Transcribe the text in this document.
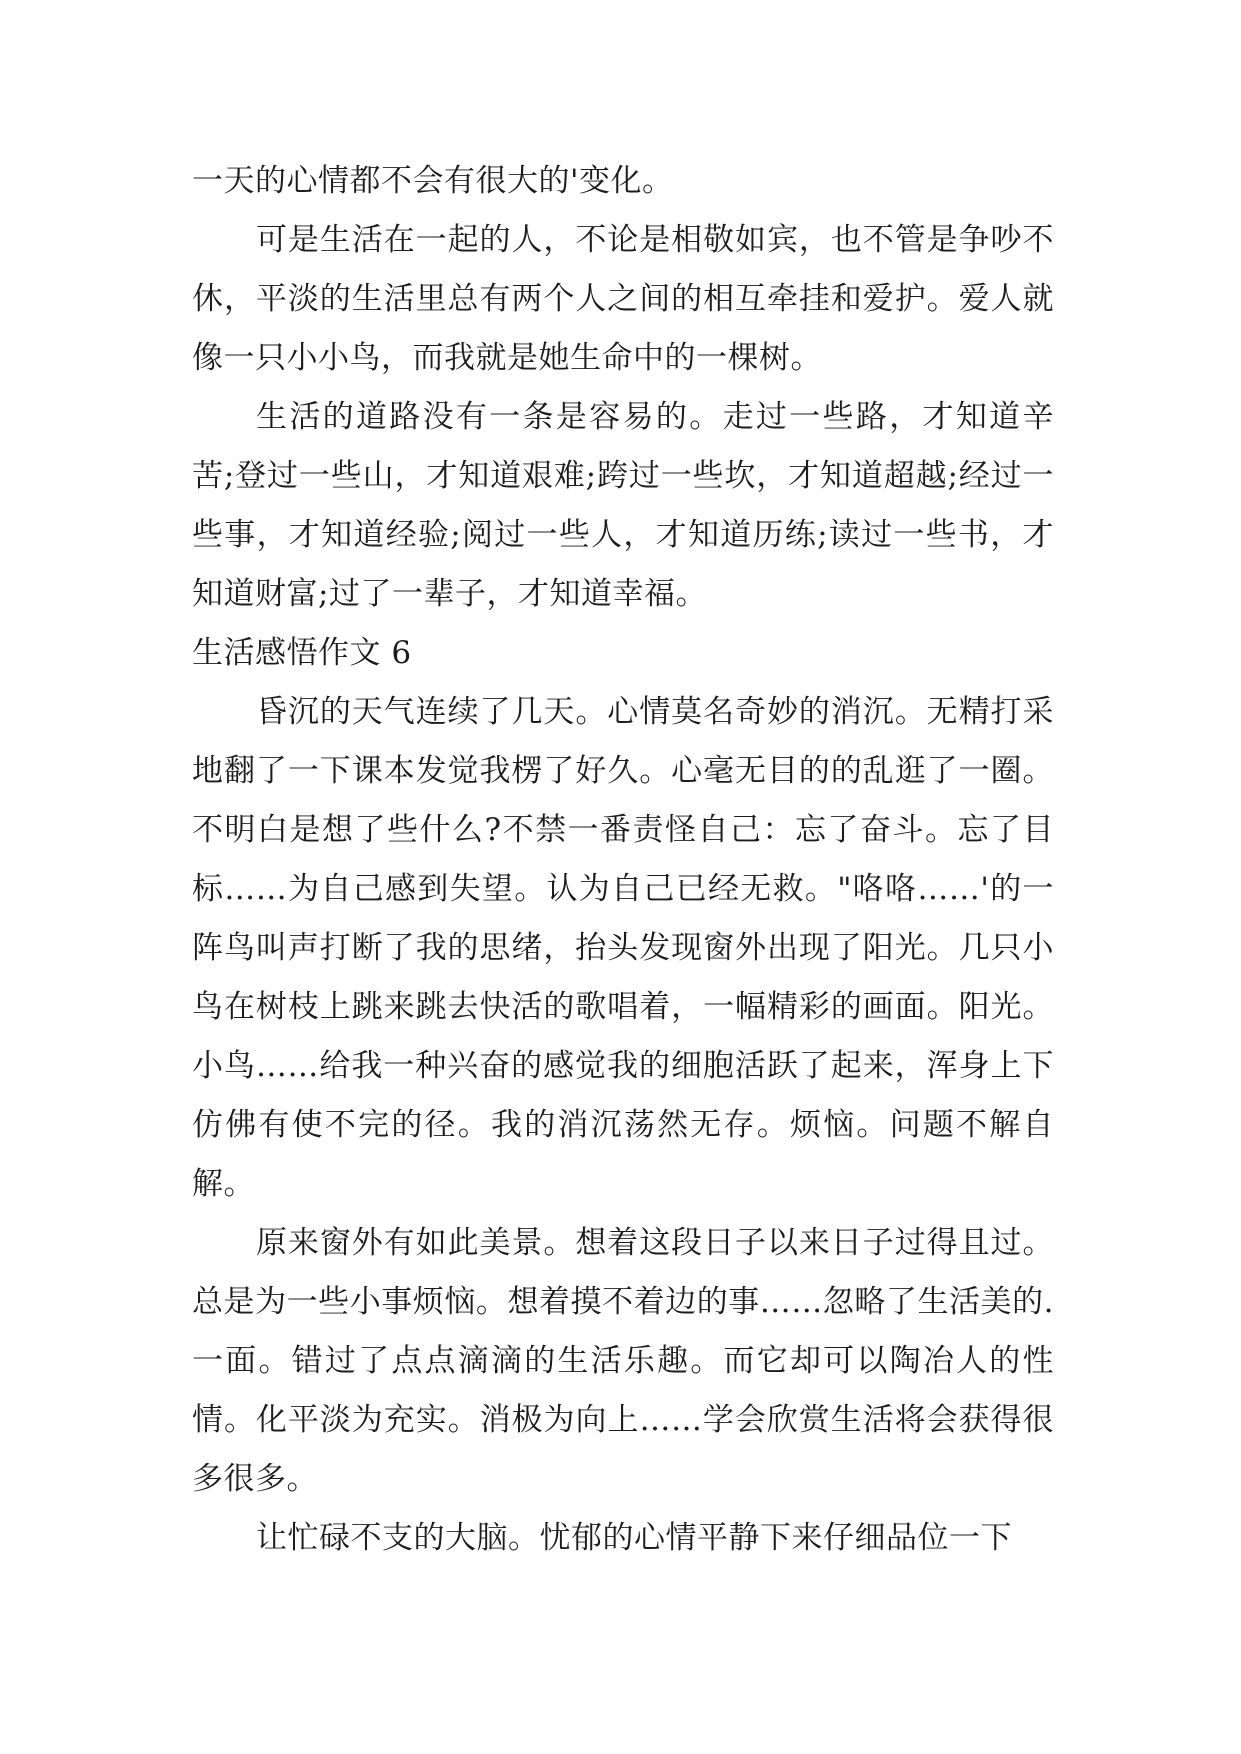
一天的心情都不会有很大的'变化。

可是生活在一起的人，不论是相敬如宾，也不管是争吵不休，平淡的生活里总有两个人之间的相互牵挂和爱护。爱人就像一只小小鸟，而我就是她生命中的一棵树。

生活的道路没有一条是容易的。走过一些路，才知道辛苦;登过一些山，才知道艰难;跨过一些坎，才知道超越;经过一些事，才知道经验;阅过一些人，才知道历练;读过一些书，才知道财富;过了一辈子，才知道幸福。

生活感悟作文 6

昏沉的天气连续了几天。心情莫名奇妙的消沉。无精打采地翻了一下课本发觉我楞了好久。心毫无目的的乱逛了一圈。不明白是想了些什么?不禁一番责怪自己：忘了奋斗。忘了目标……为自己感到失望。认为自己已经无救。"咯咯……'的一阵鸟叫声打断了我的思绪，抬头发现窗外出现了阳光。几只小鸟在树枝上跳来跳去快活的歌唱着，一幅精彩的画面。阳光。小鸟……给我一种兴奋的感觉我的细胞活跃了起来，浑身上下仿佛有使不完的径。我的消沉荡然无存。烦恼。问题不解自解。

原来窗外有如此美景。想着这段日子以来日子过得且过。总是为一些小事烦恼。想着摸不着边的事……忽略了生活美的.一面。错过了点点滴滴的生活乐趣。而它却可以陶冶人的性情。化平淡为充实。消极为向上……学会欣赏生活将会获得很多很多。

让忙碌不支的大脑。忧郁的心情平静下来仔细品位一下
